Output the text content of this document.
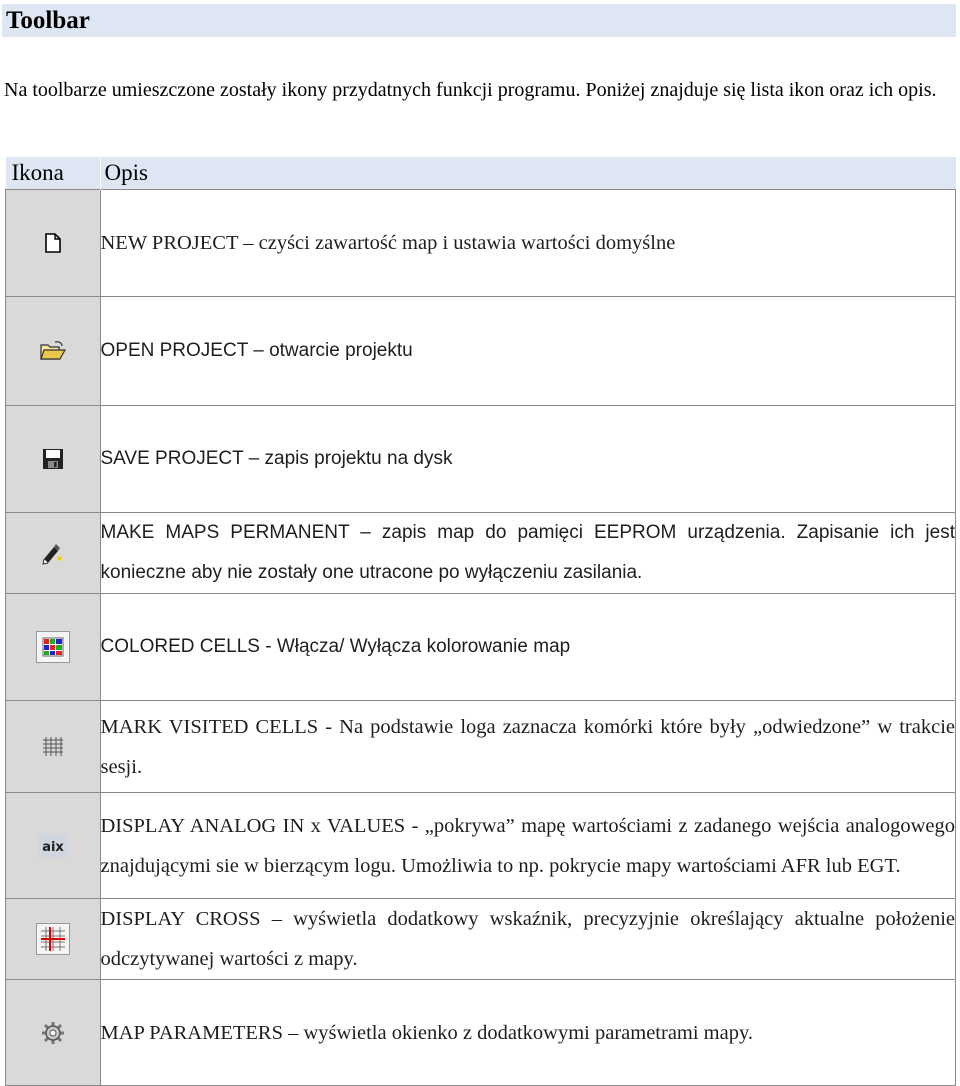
Toolbar
Na toolbarze umieszczone zostały ikony przydatnych funkcji programu. Poniżej znajduje się lista ikon oraz ich opis.
Ikona	Opis
	NEW PROJECT – czyści zawartość map i ustawia wartości domyślne
	OPEN PROJECT – otwarcie projektu
	SAVE PROJECT – zapis projektu na dysk
	MAKE MAPS PERMANENT – zapis map do pamięci EEPROM urządzenia. Zapisanie ich jest konieczne aby nie zostały one utracone po wyłączeniu zasilania.
	COLORED CELLS - Włącza/ Wyłącza kolorowanie map
	MARK VISITED CELLS - Na podstawie loga zaznacza komórki które były „odwiedzone” w trakcie sesji.

aix	DISPLAY ANALOG IN x VALUES - „pokrywa” mapę wartościami z zadanego wejścia analogowego znajdującymi sie w bierzącym logu. Umożliwia to np. pokrycie mapy wartościami AFR lub EGT.
	DISPLAY CROSS – wyświetla dodatkowy wskaźnik, precyzyjnie określający aktualne położenie odczytywanej wartości z mapy.
	MAP PARAMETERS – wyświetla okienko z dodatkowymi parametrami mapy.
